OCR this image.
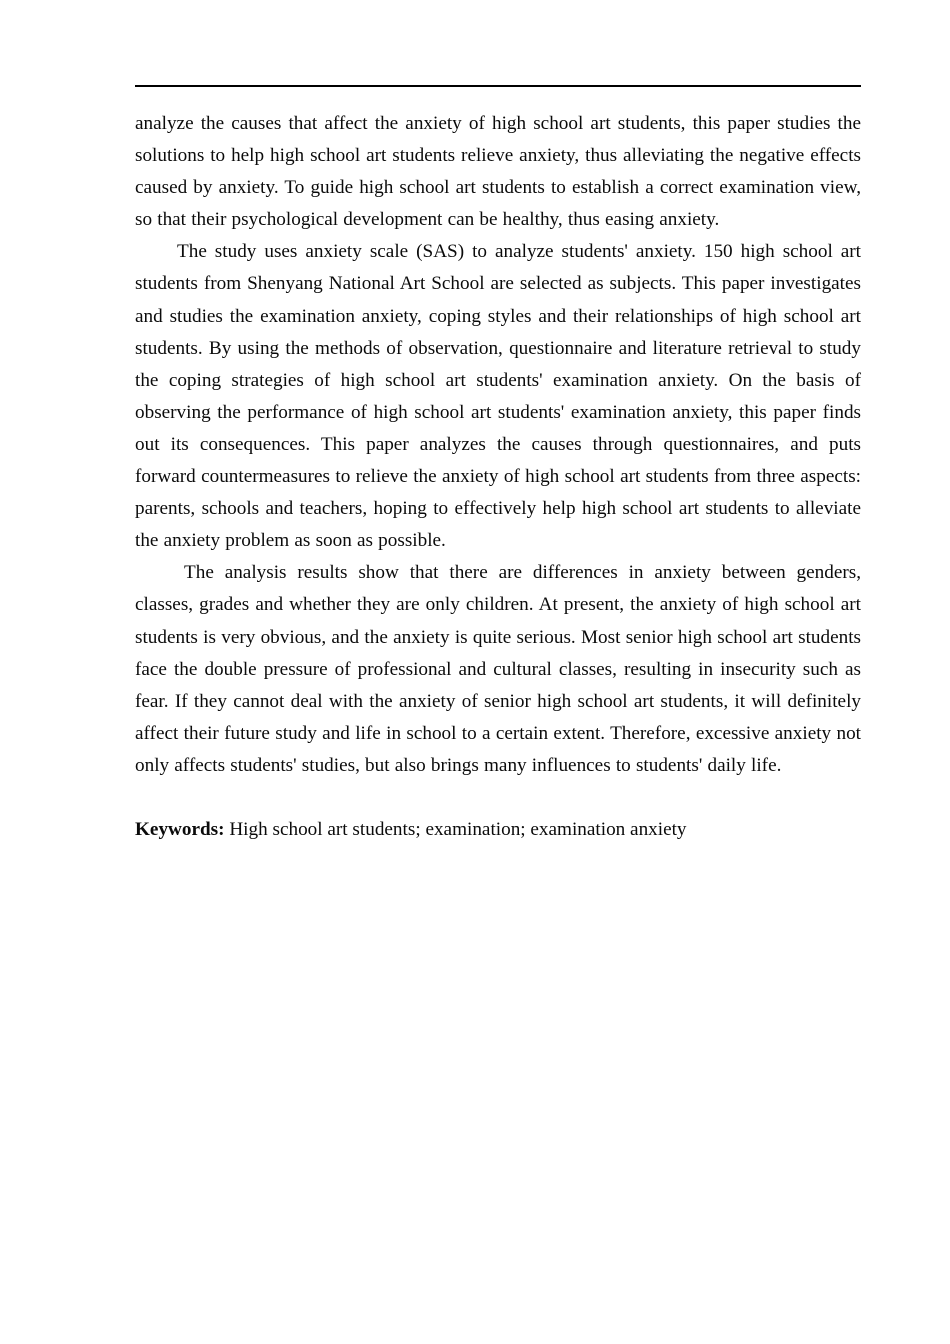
analyze the causes that affect the anxiety of high school art students, this paper studies the solutions to help high school art students relieve anxiety, thus alleviating the negative effects caused by anxiety. To guide high school art students to establish a correct examination view, so that their psychological development can be healthy, thus easing anxiety.

The study uses anxiety scale (SAS) to analyze students' anxiety. 150 high school art students from Shenyang National Art School are selected as subjects. This paper investigates and studies the examination anxiety, coping styles and their relationships of high school art students. By using the methods of observation, questionnaire and literature retrieval to study the coping strategies of high school art students' examination anxiety. On the basis of observing the performance of high school art students' examination anxiety, this paper finds out its consequences. This paper analyzes the causes through questionnaires, and puts forward countermeasures to relieve the anxiety of high school art students from three aspects: parents, schools and teachers, hoping to effectively help high school art students to alleviate the anxiety problem as soon as possible.

The analysis results show that there are differences in anxiety between genders, classes, grades and whether they are only children. At present, the anxiety of high school art students is very obvious, and the anxiety is quite serious. Most senior high school art students face the double pressure of professional and cultural classes, resulting in insecurity such as fear. If they cannot deal with the anxiety of senior high school art students, it will definitely affect their future study and life in school to a certain extent. Therefore, excessive anxiety not only affects students' studies, but also brings many influences to students' daily life.

Keywords: High school art students; examination; examination anxiety
